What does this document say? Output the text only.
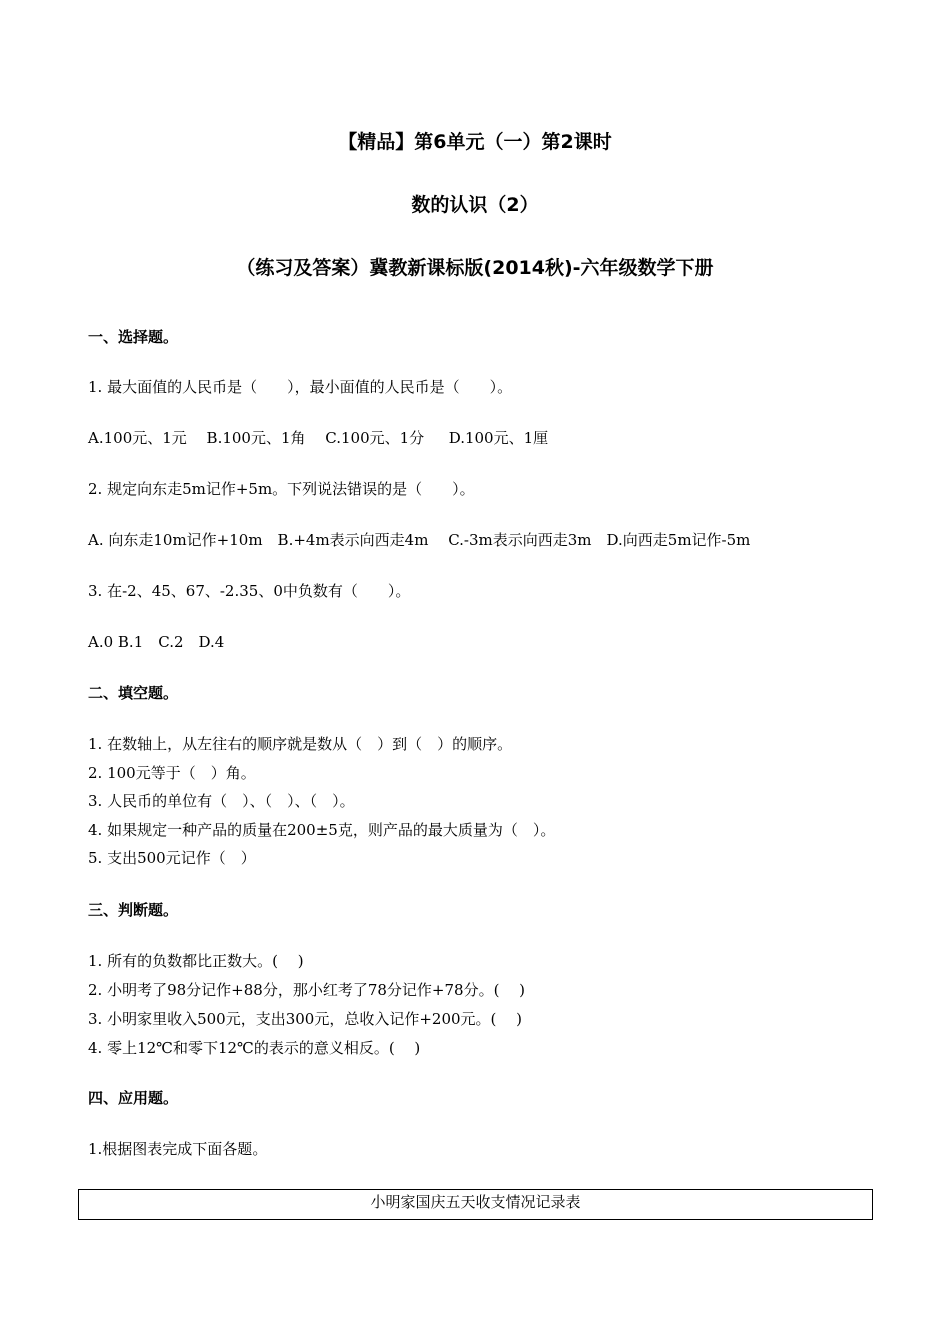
【精品】第6单元（一）第2课时
数的认识（2）
（练习及答案）冀教新课标版(2014秋)-六年级数学下册
一、选择题。
1. 最大面值的人民币是（　　），最小面值的人民币是（　　）。
A.100元、1元　 B.100元、1角　 C.100元、1分　  D.100元、1厘
2. 规定向东走5m记作+5m。下列说法错误的是（　　）。
A. 向东走10m记作+10m　B.+4m表示向西走4m　 C.-3m表示向西走3m　D.向西走5m记作-5m
3. 在-2、45、67、-2.35、0中负数有（　　）。
A.0 B.1　C.2　D.4
二、填空题。
1. 在数轴上，从左往右的顺序就是数从（　）到（　）的顺序。
2. 100元等于（　）角。
3. 人民币的单位有（　）、（　）、（　）。
4. 如果规定一种产品的质量在200±5克，则产品的最大质量为（　）。
5. 支出500元记作（　）
三、判断题。
1. 所有的负数都比正数大。(　 )
2. 小明考了98分记作+88分，那小红考了78分记作+78分。(　 )
3. 小明家里收入500元，支出300元，总收入记作+200元。(　 )
4. 零上12℃和零下12℃的表示的意义相反。(　 )
四、应用题。
1.根据图表完成下面各题。
小明家国庆五天收支情况记录表
